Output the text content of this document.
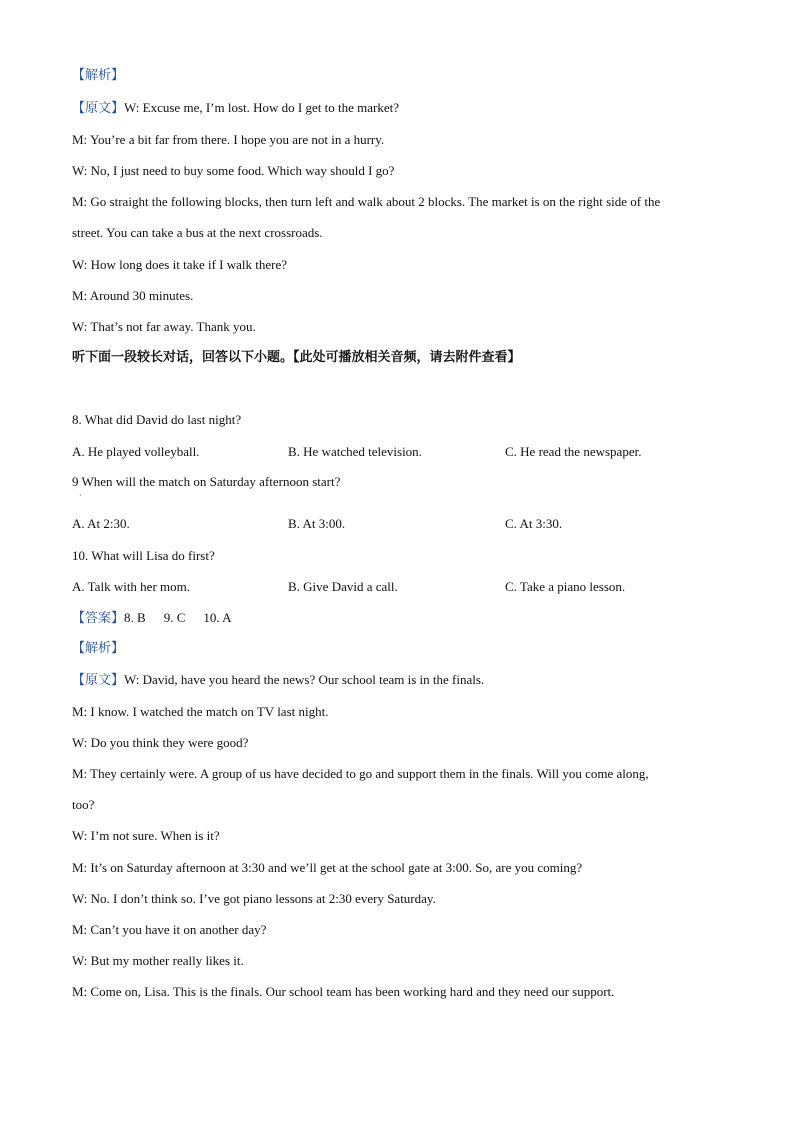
【解析】
【原文】W: Excuse me, I’m lost. How do I get to the market?
M: You’re a bit far from there. I hope you are not in a hurry.
W: No, I just need to buy some food. Which way should I go?
M: Go straight the following blocks, then turn left and walk about 2 blocks. The market is on the right side of the
street. You can take a bus at the next crossroads.
W: How long does it take if I walk there?
M: Around 30 minutes.
W: That’s not far away. Thank you.
听下面一段较长对话，回答以下小题。【此处可播放相关音频，请去附件查看】
8. What did David do last night?
A. He played volleyball.	B. He watched television.	C. He read the newspaper.
9 When will the match on Saturday afternoon start?
·
A. At 2:30.	B. At 3:00.	C. At 3:30.
10. What will Lisa do first?
A. Talk with her mom.	B. Give David a call.	C. Take a piano lesson.
【答案】8. B 9. C 10. A
【解析】
【原文】W: David, have you heard the news? Our school team is in the finals.
M: I know. I watched the match on TV last night.
W: Do you think they were good?
M: They certainly were. A group of us have decided to go and support them in the finals. Will you come along,
too?
W: I’m not sure. When is it?
M: It’s on Saturday afternoon at 3:30 and we’ll get at the school gate at 3:00. So, are you coming?
W: No. I don’t think so. I’ve got piano lessons at 2:30 every Saturday.
M: Can’t you have it on another day?
W: But my mother really likes it.
M: Come on, Lisa. This is the finals. Our school team has been working hard and they need our support.
